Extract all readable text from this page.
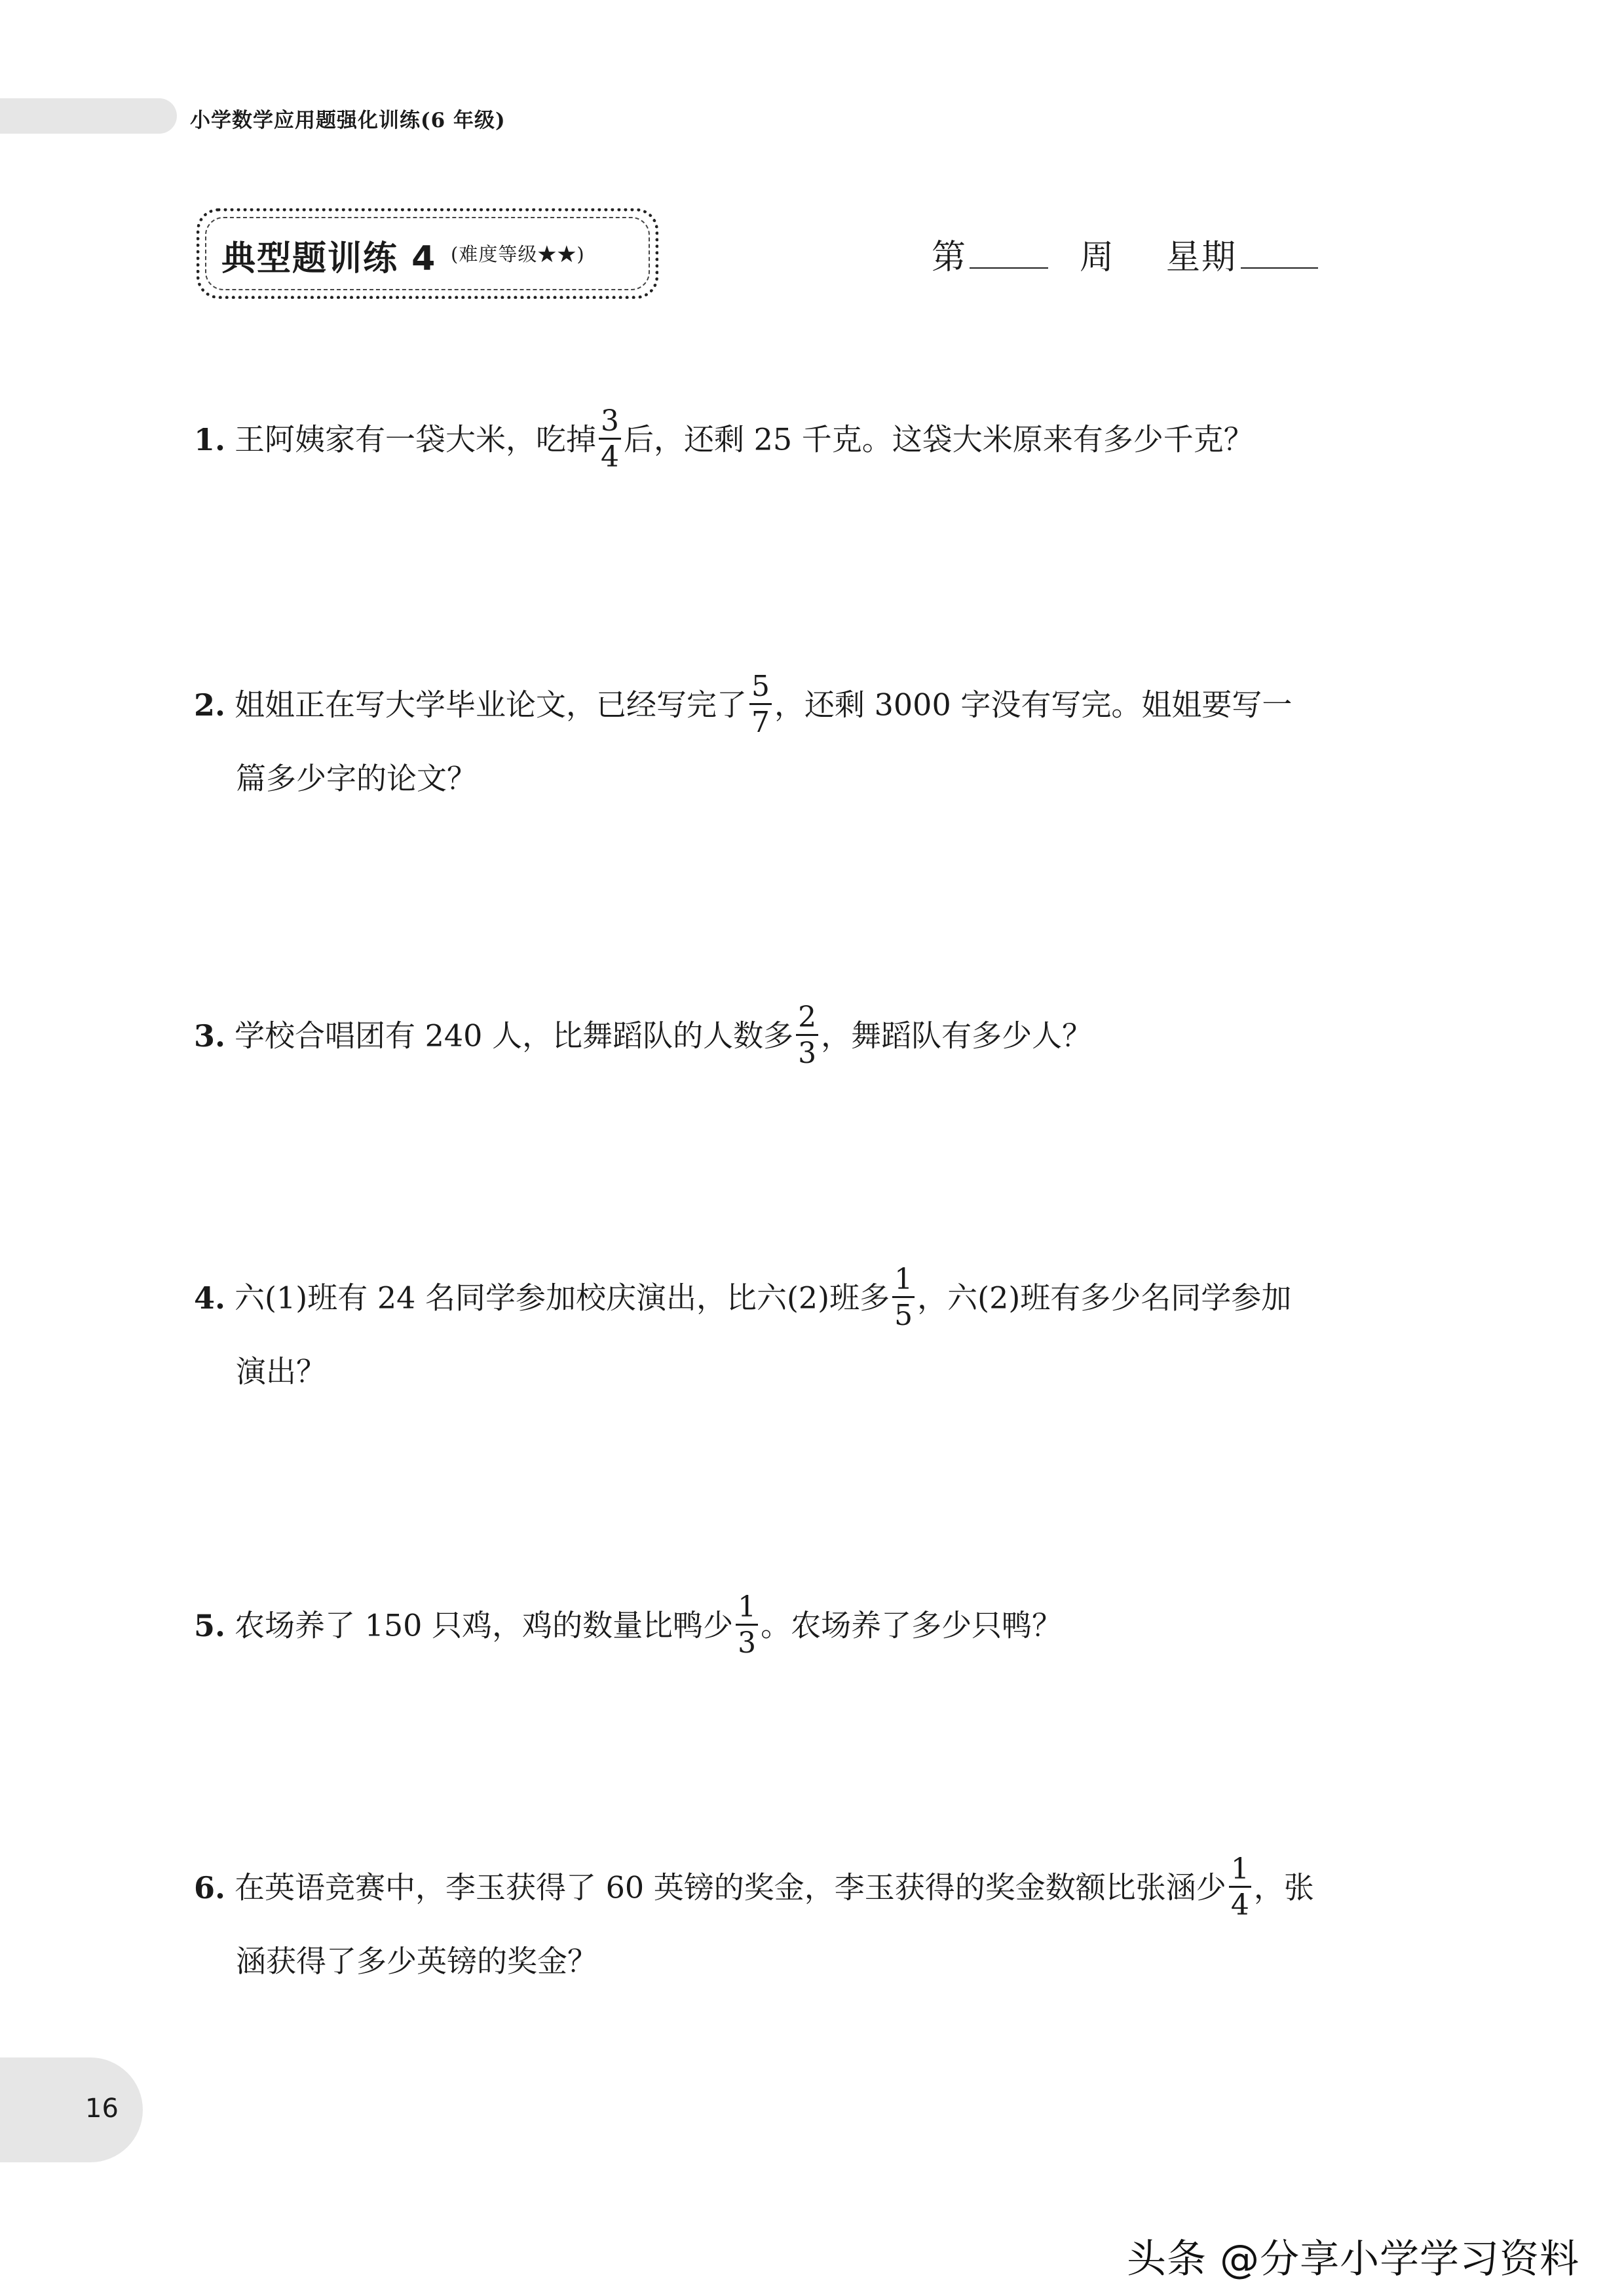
小学数学应用题强化训练(6 年级)
典型题训练 4 (难度等级★★)	第	周 星期
1. 王阿姨家有一袋大米，吃掉 $\frac{3}{4}$ 后，还剩 25 千克。这袋大米原来有多少千克？
2. 姐姐正在写大学毕业论文，已经写完了 $\frac{5}{7}$ ，还剩 3000 字没有写完。姐姐要写一
篇多少字的论文？
3. 学校合唱团有 240 人，比舞蹈队的人数多 $\frac{2}{3}$ ，舞蹈队有多少人？
4. 六(1)班有 24 名同学参加校庆演出，比六(2)班多 $\frac{1}{5}$ ，六(2)班有多少名同学参加
演出？
5. 农场养了 150 只鸡，鸡的数量比鸭少 $\frac{1}{3}$ 。农场养了多少只鸭？
6. 在英语竞赛中，李玉获得了 60 英镑的奖金，李玉获得的奖金数额比张涵少 $\frac{1}{4}$ ，张
涵获得了多少英镑的奖金？
16
头条 @分享小学学习资料
